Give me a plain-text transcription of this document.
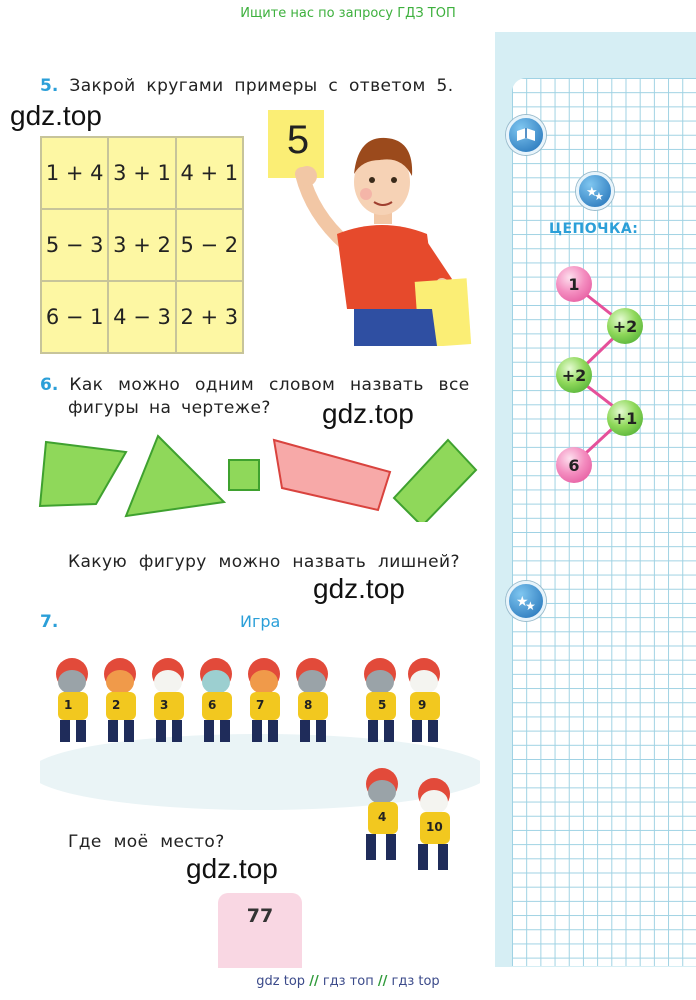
Ищите нас по запросу ГДЗ ТОП
★
★
★
★
ЦЕПОЧКА:
1
+2
+2
+1
6
5. Закрой кругами примеры с ответом 5.
gdz.top
1 + 4	3 + 1	4 + 1
5 − 3	3 + 2	5 − 2
6 − 1	4 − 3	2 + 3
5
6. Как можно одним словом назвать все
фигуры на чертеже? gdz.top
Какую фигуру можно назвать лишней?
gdz.top
7.	Игра
1	2	3	6	7	8	5	9
4
10
Где моё место?
gdz.top
77
gdz top // гдз топ // гдз top
